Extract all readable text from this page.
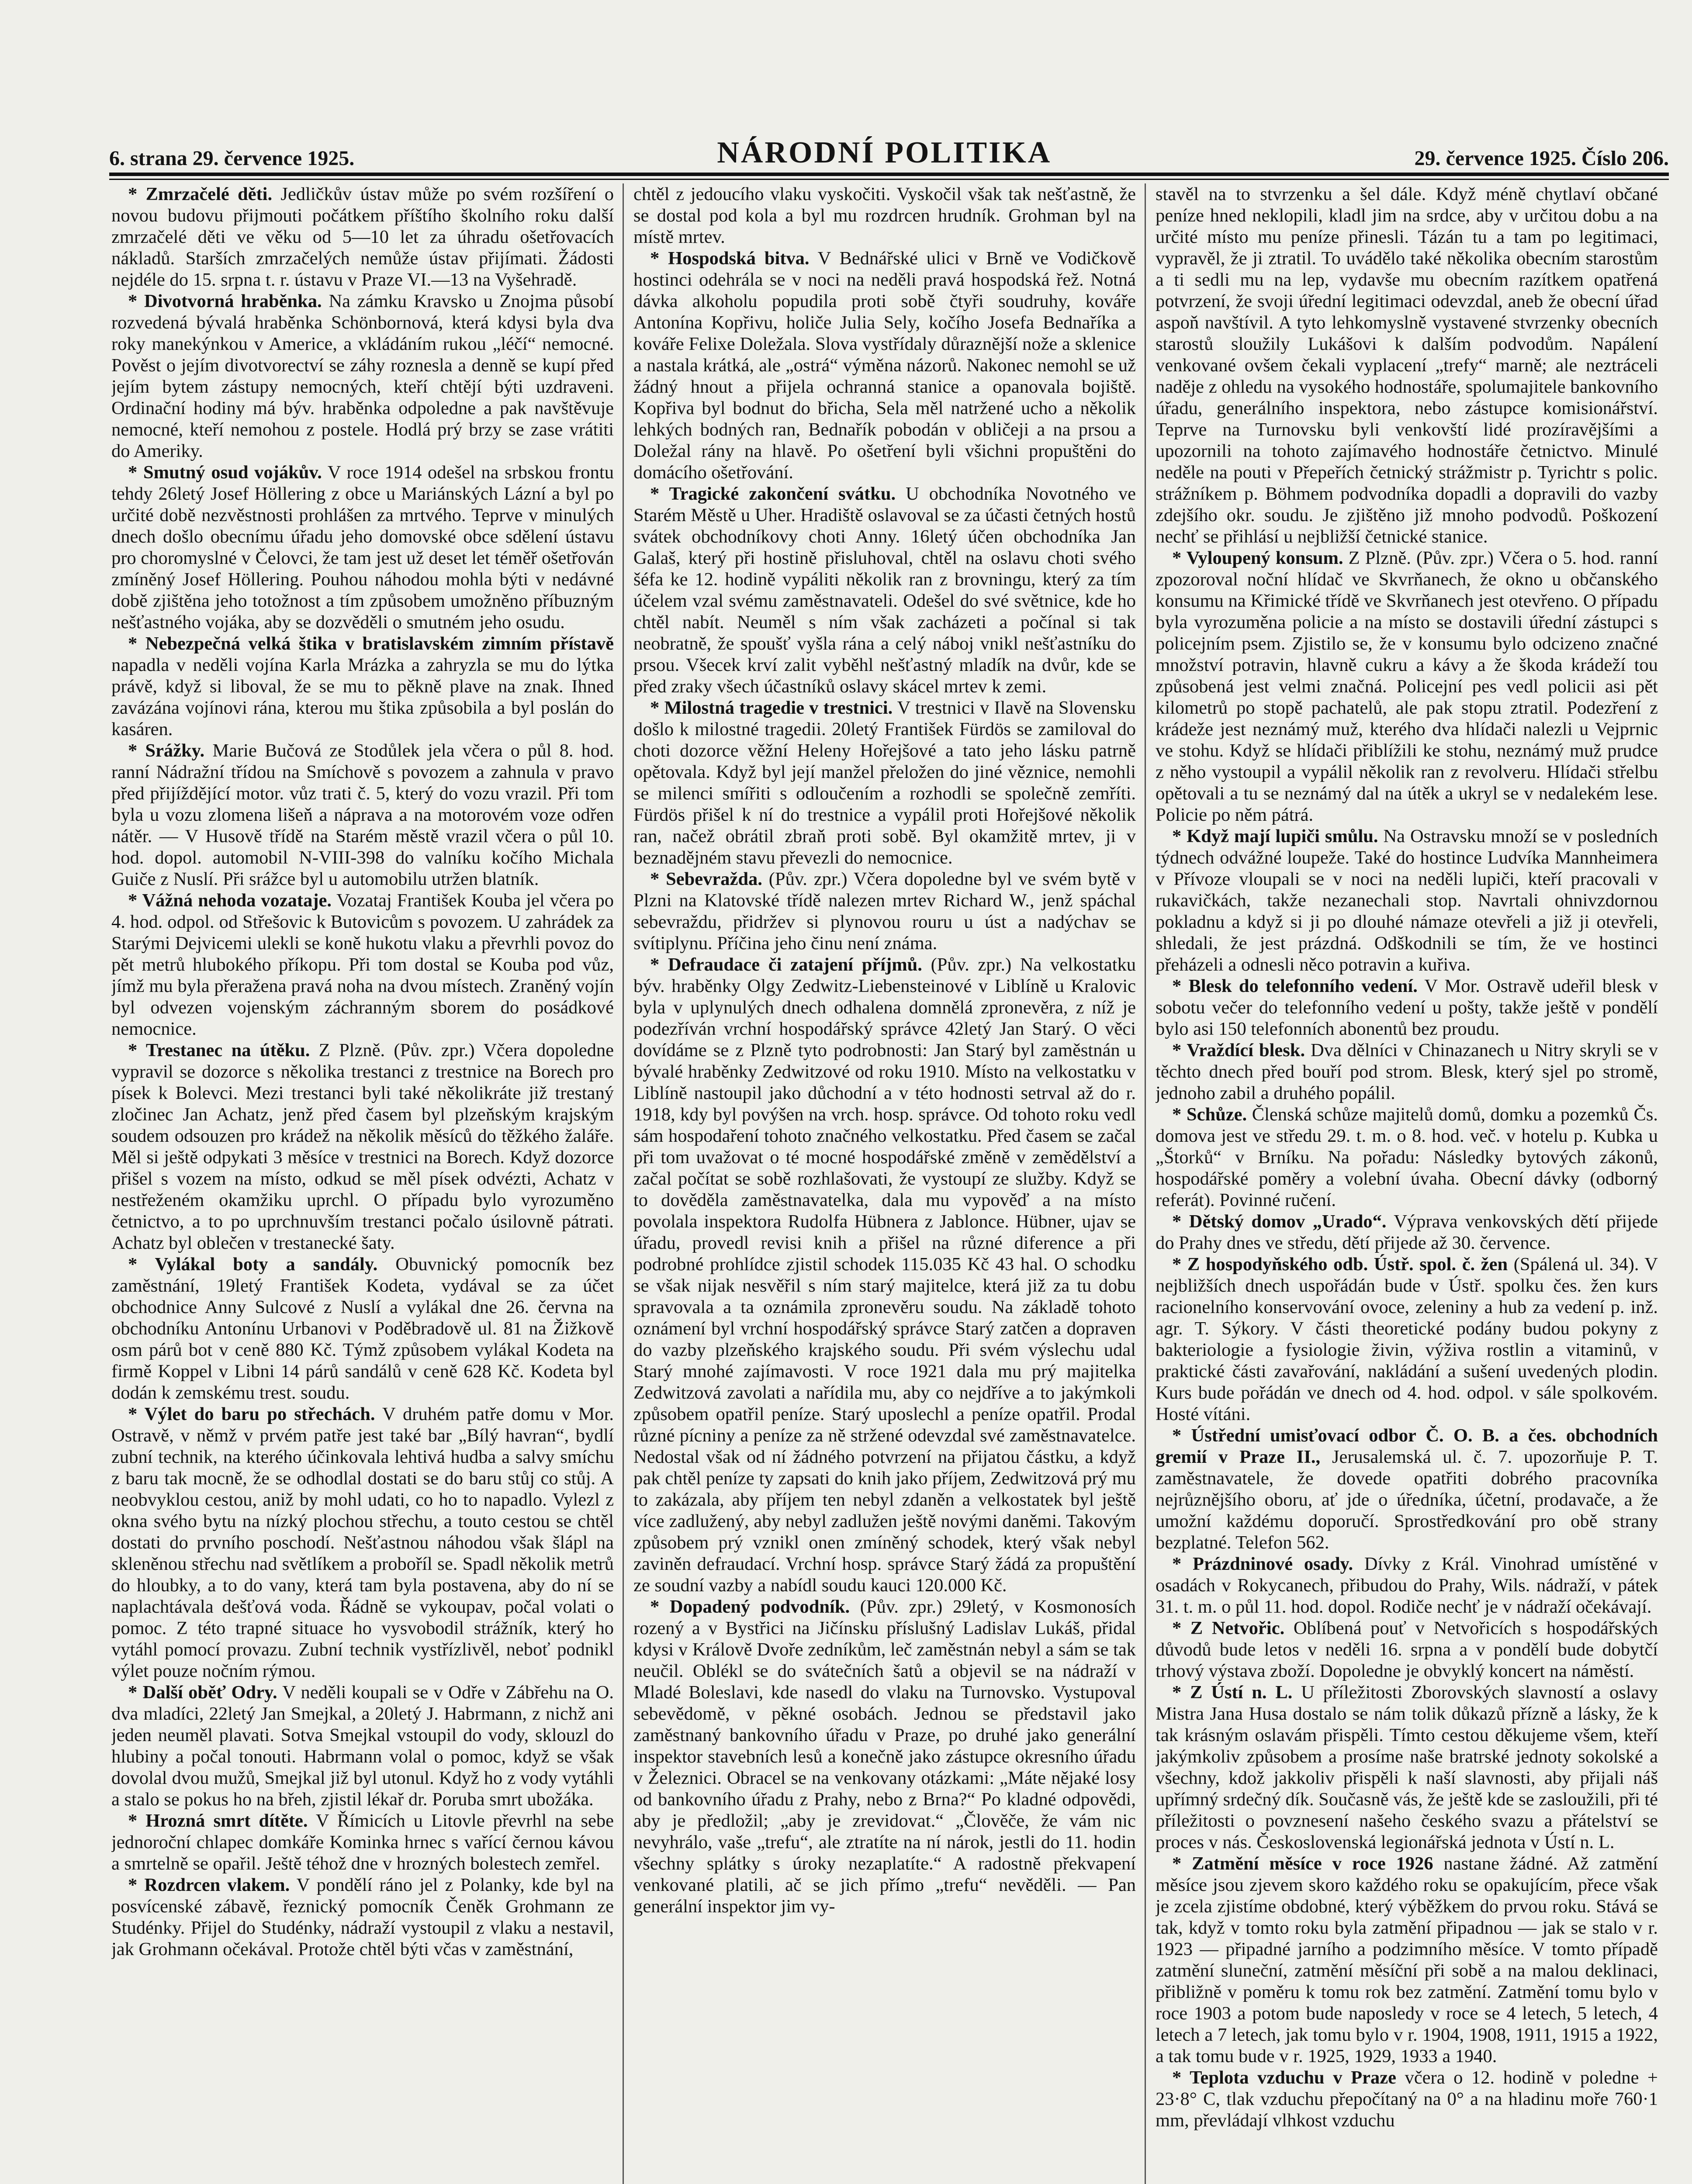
6. strana 29. července 1925.	NÁRODNÍ POLITIKA	29. července 1925. Číslo 206.

* Zmrzačelé děti. Jedličkův ústav může po svém rozšíření o novou budovu přijmouti počátkem příštího školního roku další zmrzačelé děti ve věku od 5—10 let za úhradu ošetřovacích nákladů. Starších zmrzačelých nemůže ústav přijímati. Žádosti nejdéle do 15. srpna t. r. ústavu v Praze VI.—13 na Vyšehradě.

* Divotvorná hraběnka. Na zámku Kravsko u Znojma působí rozvedená bývalá hraběnka Schönbornová, která kdysi byla dva roky manekýnkou v Americe, a vkládáním rukou „léčí“ nemocné. Pověst o jejím divotvorectví se záhy roznesla a denně se kupí před jejím bytem zástupy nemocných, kteří chtějí býti uzdraveni. Ordinační hodiny má býv. hraběnka odpoledne a pak navštěvuje nemocné, kteří nemohou z postele. Hodlá prý brzy se zase vrátiti do Ameriky.

* Smutný osud vojákův. V roce 1914 odešel na srbskou frontu tehdy 26letý Josef Höllering z obce u Mariánských Lázní a byl po určité době nezvěstnosti prohlášen za mrtvého. Teprve v minulých dnech došlo obecnímu úřadu jeho domovské obce sdělení ústavu pro choromyslné v Čelovci, že tam jest už deset let téměř ošetřován zmíněný Josef Höllering. Pouhou náhodou mohla býti v nedávné době zjištěna jeho totožnost a tím způsobem umožněno příbuzným nešťastného vojáka, aby se dozvěděli o smutném jeho osudu.

* Nebezpečná velká štika v bratislavském zimním přístavě napadla v neděli vojína Karla Mrázka a zahryzla se mu do lýtka právě, když si liboval, že se mu to pěkně plave na znak. Ihned zavázána vojínovi rána, kterou mu štika způsobila a byl poslán do kasáren.

* Srážky. Marie Bučová ze Stodůlek jela včera o půl 8. hod. ranní Nádražní třídou na Smíchově s povozem a zahnula v pravo před přijíždějící motor. vůz trati č. 5, který do vozu vrazil. Při tom byla u vozu zlomena lišeň a náprava a na motorovém voze odřen nátěr. — V Husově třídě na Starém městě vrazil včera o půl 10. hod. dopol. automobil N-VIII-398 do valníku kočího Michala Guiče z Nuslí. Při srážce byl u automobilu utržen blatník.

* Vážná nehoda vozataje. Vozataj František Kouba jel včera po 4. hod. odpol. od Střešovic k Butovicům s povozem. U zahrádek za Starými Dejvicemi ulekli se koně hukotu vlaku a převrhli povoz do pět metrů hlubokého příkopu. Při tom dostal se Kouba pod vůz, jímž mu byla přeražena pravá noha na dvou místech. Zraněný vojín byl odvezen vojenským záchranným sborem do posádkové nemocnice.

* Trestanec na útěku. Z Plzně. (Pův. zpr.) Včera dopoledne vypravil se dozorce s několika trestanci z trestnice na Borech pro písek k Bolevci. Mezi trestanci byli také několikráte již trestaný zločinec Jan Achatz, jenž před časem byl plzeňským krajským soudem odsouzen pro krádež na několik měsíců do těžkého žaláře. Měl si ještě odpykati 3 měsíce v trestnici na Borech. Když dozorce přišel s vozem na místo, odkud se měl písek odvézti, Achatz v nestřeženém okamžiku uprchl. O případu bylo vyrozuměno četnictvo, a to po uprchnuvším trestanci počalo úsilovně pátrati. Achatz byl oblečen v trestanecké šaty.

* Vylákal boty a sandály. Obuvnický pomocník bez zaměstnání, 19letý František Kodeta, vydával se za účet obchodnice Anny Sulcové z Nuslí a vylákal dne 26. června na obchodníku Antonínu Urbanovi v Poděbradově ul. 81 na Žižkově osm párů bot v ceně 880 Kč. Týmž způsobem vylákal Kodeta na firmě Koppel v Libni 14 párů sandálů v ceně 628 Kč. Kodeta byl dodán k zemskému trest. soudu.

* Výlet do baru po střechách. V druhém patře domu v Mor. Ostravě, v němž v prvém patře jest také bar „Bílý havran“, bydlí zubní technik, na kterého účinkovala lehtivá hudba a salvy smíchu z baru tak mocně, že se odhodlal dostati se do baru stůj co stůj. A neobvyklou cestou, aniž by mohl udati, co ho to napadlo. Vylezl z okna svého bytu na nízký plochou střechu, a touto cestou se chtěl dostati do prvního poschodí. Nešťastnou náhodou však šlápl na skleněnou střechu nad světlíkem a proboříl se. Spadl několik metrů do hloubky, a to do vany, která tam byla postavena, aby do ní se naplachtávala dešťová voda. Řádně se vykoupav, počal volati o pomoc. Z této trapné situace ho vysvobodil strážník, který ho vytáhl pomocí provazu. Zubní technik vystřízlivěl, neboť podnikl výlet pouze nočním rýmou.

* Další oběť Odry. V neděli koupali se v Odře v Zábřehu na O. dva mladíci, 22letý Jan Smejkal, a 20letý J. Habrmann, z nichž ani jeden neuměl plavati. Sotva Smejkal vstoupil do vody, sklouzl do hlubiny a počal tonouti. Habrmann volal o pomoc, když se však dovolal dvou mužů, Smejkal již byl utonul. Když ho z vody vytáhli a stalo se pokus ho na břeh, zjistil lékař dr. Poruba smrt ubožáka.

* Hrozná smrt dítěte. V Římicích u Litovle převrhl na sebe jednoroční chlapec domkáře Kominka hrnec s vařící černou kávou a smrtelně se opařil. Ještě téhož dne v hrozných bolestech zemřel.

* Rozdrcen vlakem. V pondělí ráno jel z Polanky, kde byl na posvícenské zábavě, řeznický pomocník Čeněk Grohmann ze Studénky. Přijel do Studénky, nádraží vystoupil z vlaku a nestavil, jak Grohmann očekával. Protože chtěl býti včas v zaměstnání,

chtěl z jedoucího vlaku vyskočiti. Vyskočil však tak nešťastně, že se dostal pod kola a byl mu rozdrcen hrudník. Grohman byl na místě mrtev.

* Hospodská bitva. V Bednářské ulici v Brně ve Vodičkově hostinci odehrála se v noci na neděli pravá hospodská řež. Notná dávka alkoholu popudila proti sobě čtyři soudruhy, kováře Antonína Kopřivu, holiče Julia Sely, kočího Josefa Bednaříka a kováře Felixe Doležala. Slova vystřídaly důraznější nože a sklenice a nastala krátká, ale „ostrá“ výměna názorů. Nakonec nemohl se už žádný hnout a přijela ochranná stanice a opanovala bojiště. Kopřiva byl bodnut do břicha, Sela měl natržené ucho a několik lehkých bodných ran, Bednařík pobodán v obličeji a na prsou a Doležal rány na hlavě. Po ošetření byli všichni propuštěni do domácího ošetřování.

* Tragické zakončení svátku. U obchodníka Novotného ve Starém Městě u Uher. Hradiště oslavoval se za účasti četných hostů svátek obchodníkovy choti Anny. 16letý účen obchodníka Jan Galaš, který při hostině přisluhoval, chtěl na oslavu choti svého šéfa ke 12. hodině vypáliti několik ran z brovningu, který za tím účelem vzal svému zaměstnavateli. Odešel do své světnice, kde ho chtěl nabít. Neuměl s ním však zacházeti a počínal si tak neobratně, že spoušť vyšla rána a celý náboj vnikl nešťastníku do prsou. Všecek krví zalit vyběhl nešťastný mladík na dvůr, kde se před zraky všech účastníků oslavy skácel mrtev k zemi.

* Milostná tragedie v trestnici. V trestnici v Ilavě na Slovensku došlo k milostné tragedii. 20letý František Fürdös se zamiloval do choti dozorce věžní Heleny Hořejšové a tato jeho lásku patrně opětovala. Když byl její manžel přeložen do jiné věznice, nemohli se milenci smířiti s odloučením a rozhodli se společně zemříti. Fürdös přišel k ní do trestnice a vypálil proti Hořejšové několik ran, načež obrátil zbraň proti sobě. Byl okamžitě mrtev, ji v beznadějném stavu převezli do nemocnice.

* Sebevražda. (Pův. zpr.) Včera dopoledne byl ve svém bytě v Plzni na Klatovské třídě nalezen mrtev Richard W., jenž spáchal sebevraždu, přidržev si plynovou rouru u úst a nadýchav se svítiplynu. Příčina jeho činu není známa.

* Defraudace či zatajení příjmů. (Pův. zpr.) Na velkostatku býv. hraběnky Olgy Zedwitz-Liebensteinové v Liblíně u Kralovic byla v uplynulých dnech odhalena domnělá zpronevěra, z níž je podezříván vrchní hospodářský správce 42letý Jan Starý. O věci dovídáme se z Plzně tyto podrobnosti: Jan Starý byl zaměstnán u bývalé hraběnky Zedwitzové od roku 1910. Místo na velkostatku v Liblíně nastoupil jako důchodní a v této hodnosti setrval až do r. 1918, kdy byl povýšen na vrch. hosp. správce. Od tohoto roku vedl sám hospodaření tohoto značného velkostatku. Před časem se začal při tom uvažovat o té mocné hospodářské změně v zemědělství a začal počítat se sobě rozhlašovati, že vystoupí ze služby. Když se to dověděla zaměstnavatelka, dala mu vypověď a na místo povolala inspektora Rudolfa Hübnera z Jablonce. Hübner, ujav se úřadu, provedl revisi knih a přišel na různé diference a při podrobné prohlídce zjistil schodek 115.035 Kč 43 hal. O schodku se však nijak nesvěřil s ním starý majitelce, která již za tu dobu spravovala a ta oznámila zpronevěru soudu. Na základě tohoto oznámení byl vrchní hospodářský správce Starý zatčen a dopraven do vazby plzeňského krajského soudu. Při svém výslechu udal Starý mnohé zajímavosti. V roce 1921 dala mu prý majitelka Zedwitzová zavolati a nařídila mu, aby co nejdříve a to jakýmkoli způsobem opatřil peníze. Starý uposlechl a peníze opatřil. Prodal různé pícniny a peníze za ně stržené odevzdal své zaměstnavatelce. Nedostal však od ní žádného potvrzení na přijatou částku, a když pak chtěl peníze ty zapsati do knih jako příjem, Zedwitzová prý mu to zakázala, aby příjem ten nebyl zdaněn a velkostatek byl ještě více zadlužený, aby nebyl zadlužen ještě novými daněmi. Takovým způsobem prý vznikl onen zmíněný schodek, který však nebyl zaviněn defraudací. Vrchní hosp. správce Starý žádá za propuštění ze soudní vazby a nabídl soudu kauci 120.000 Kč.

* Dopadený podvodník. (Pův. zpr.) 29letý, v Kosmonosích rozený a v Bystřici na Jičínsku příslušný Ladislav Lukáš, přidal kdysi v Králově Dvoře zedníkům, leč zaměstnán nebyl a sám se tak neučil. Oblékl se do svátečních šatů a objevil se na nádraží v Mladé Boleslavi, kde nasedl do vlaku na Turnovsko. Vystupoval sebevědomě, v pěkné osobách. Jednou se představil jako zaměstnaný bankovního úřadu v Praze, po druhé jako generální inspektor stavebních lesů a konečně jako zástupce okresního úřadu v Železnici. Obracel se na venkovany otázkami: „Máte nějaké losy od bankovního úřadu z Prahy, nebo z Brna?“ Po kladné odpovědi, aby je předložil; „aby je zrevidovat.“ „Člověče, že vám nic nevyhrálo, vaše „trefu“, ale ztratíte na ní nárok, jestli do 11. hodin všechny splátky s úroky nezaplatíte.“ A radostně překvapení venkované platili, ač se jich přímo „trefu“ nevěděli. — Pan generální inspektor jim vy-

stavěl na to stvrzenku a šel dále. Když méně chytlaví občané peníze hned neklopili, kladl jim na srdce, aby v určitou dobu a na určité místo mu peníze přinesli. Tázán tu a tam po legitimaci, vypravěl, že ji ztratil. To uvádělo také několika obecním starostům a ti sedli mu na lep, vydavše mu obecním razítkem opatřená potvrzení, že svoji úřední legitimaci odevzdal, aneb že obecní úřad aspoň navštívil. A tyto lehkomyslně vystavené stvrzenky obecních starostů sloužily Lukášovi k dalším podvodům. Napálení venkované ovšem čekali vyplacení „trefy“ marně; ale neztráceli naděje z ohledu na vysokého hodnostáře, spolumajitele bankovního úřadu, generálního inspektora, nebo zástupce komisionářství. Teprve na Turnovsku byli venkovští lidé prozíravějšími a upozornili na tohoto zajímavého hodnostáře četnictvo. Minulé neděle na pouti v Přepeřích četnický strážmistr p. Tyrichtr s polic. strážníkem p. Böhmem podvodníka dopadli a dopravili do vazby zdejšího okr. soudu. Je zjištěno již mnoho podvodů. Poškození nechť se přihlásí u nejbližší četnické stanice.

* Vyloupený konsum. Z Plzně. (Pův. zpr.) Včera o 5. hod. ranní zpozoroval noční hlídač ve Skvrňanech, že okno u občanského konsumu na Křimické třídě ve Skvrňanech jest otevřeno. O případu byla vyrozuměna policie a na místo se dostavili úřední zástupci s policejním psem. Zjistilo se, že v konsumu bylo odcizeno značné množství potravin, hlavně cukru a kávy a že škoda krádeží tou způsobená jest velmi značná. Policejní pes vedl policii asi pět kilometrů po stopě pachatelů, ale pak stopu ztratil. Podezření z krádeže jest neznámý muž, kterého dva hlídači nalezli u Vejprnic ve stohu. Když se hlídači přiblížili ke stohu, neznámý muž prudce z něho vystoupil a vypálil několik ran z revolveru. Hlídači střelbu opětovali a tu se neznámý dal na útěk a ukryl se v nedalekém lese. Policie po něm pátrá.

* Když mají lupiči smůlu. Na Ostravsku množí se v posledních týdnech odvážné loupeže. Také do hostince Ludvíka Mannheimera v Přívoze vloupali se v noci na neděli lupiči, kteří pracovali v rukavičkách, takže nezanechali stop. Navrtali ohnivzdornou pokladnu a když si ji po dlouhé námaze otevřeli a již ji otevřeli, shledali, že jest prázdná. Odškodnili se tím, že ve hostinci přeházeli a odnesli něco potravin a kuřiva.

* Blesk do telefonního vedení. V Mor. Ostravě udeřil blesk v sobotu večer do telefonního vedení u pošty, takže ještě v pondělí bylo asi 150 telefonních abonentů bez proudu.

* Vraždící blesk. Dva dělníci v Chinazanech u Nitry skryli se v těchto dnech před bouří pod strom. Blesk, který sjel po stromě, jednoho zabil a druhého popálil.

* Schůze. Členská schůze majitelů domů, domku a pozemků Čs. domova jest ve středu 29. t. m. o 8. hod. več. v hotelu p. Kubka u „Štorků“ v Brníku. Na pořadu: Následky bytových zákonů, hospodářské poměry a volební úvaha. Obecní dávky (odborný referát). Povinné ručení.

* Dětský domov „Urado“. Výprava venkovských dětí přijede do Prahy dnes ve středu, dětí přijede až 30. července.

* Z hospodyňského odb. Ústř. spol. č. žen (Spálená ul. 34). V nejbližších dnech uspořádán bude v Ústř. spolku čes. žen kurs racionelního konservování ovoce, zeleniny a hub za vedení p. inž. agr. T. Sýkory. V části theoretické podány budou pokyny z bakteriologie a fysiologie živin, výživa rostlin a vitaminů, v praktické části zavařování, nakládání a sušení uvedených plodin. Kurs bude pořádán ve dnech od 4. hod. odpol. v sále spolkovém. Hosté vítáni.

* Ústřední umisťovací odbor Č. O. B. a čes. obchodních gremií v Praze II., Jerusalemská ul. č. 7. upozorňuje P. T. zaměstnavatele, že dovede opatřiti dobrého pracovníka nejrůznějšího oboru, ať jde o úředníka, účetní, prodavače, a že umožní každému doporučí. Sprostředkování pro obě strany bezplatné. Telefon 562.

* Prázdninové osady. Dívky z Král. Vinohrad umístěné v osadách v Rokycanech, přibudou do Prahy, Wils. nádraží, v pátek 31. t. m. o půl 11. hod. dopol. Rodiče nechť je v nádraží očekávají.

* Z Netvořic. Oblíbená pouť v Netvořicích s hospodářských důvodů bude letos v neděli 16. srpna a v pondělí bude dobytčí trhový výstava zboží. Dopoledne je obvyklý koncert na náměstí.

* Z Ústí n. L. U příležitosti Zborovských slavností a oslavy Mistra Jana Husa dostalo se nám tolik důkazů přízně a lásky, že k tak krásným oslavám přispěli. Tímto cestou děkujeme všem, kteří jakýmkoliv způsobem a prosíme naše bratrské jednoty sokolské a všechny, kdož jakkoliv přispěli k naší slavnosti, aby přijali náš upřímný srdečný dík. Současně vás, že ještě kde se zasloužili, při té příležitosti o povznesení našeho českého svazu a přátelství se proces v nás. Československá legionářská jednota v Ústí n. L.

* Zatmění měsíce v roce 1926 nastane žádné. Až zatmění měsíce jsou zjevem skoro každého roku se opakujícím, přece však je zcela zjistíme obdobné, který výběžkem do prvou roku. Stává se tak, když v tomto roku byla zatmění připadnou — jak se stalo v r. 1923 — připadné jarního a podzimního měsíce. V tomto případě zatmění sluneční, zatmění měsíční při sobě a na malou deklinaci, přibližně v poměru k tomu rok bez zatmění. Zatmění tomu bylo v roce 1903 a potom bude naposledy v roce se 4 letech, 5 letech, 4 letech a 7 letech, jak tomu bylo v r. 1904, 1908, 1911, 1915 a 1922, a tak tomu bude v r. 1925, 1929, 1933 a 1940.

* Teplota vzduchu v Praze včera o 12. hodině v poledne + 23·8° C, tlak vzduchu přepočítaný na 0° a na hladinu moře 760·1 mm, převládají vlhkost vzduchu
